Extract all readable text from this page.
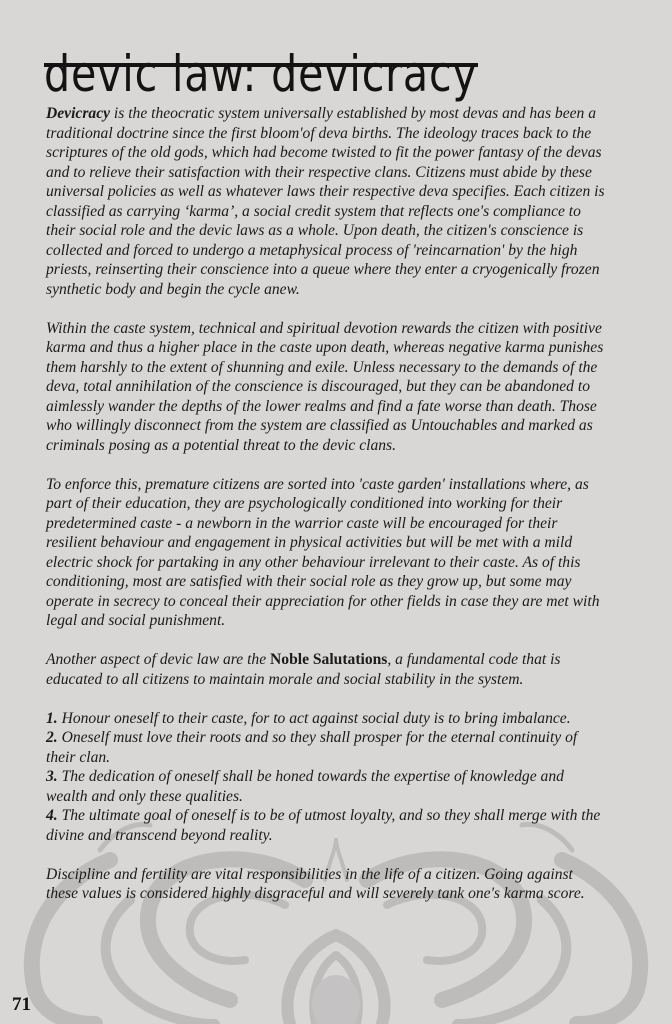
devic law: devicracy
Devicracy is the theocratic system universally established by most devas and has been a
traditional doctrine since the first bloom'of deva births. The ideology traces back to the
scriptures of the old gods, which had become twisted to fit the power fantasy of the devas
and to relieve their satisfaction with their respective clans. Citizens must abide by these
universal policies as well as whatever laws their respective deva specifies. Each citizen is
classified as carrying ‘karma’, a social credit system that reflects one's compliance to
their social role and the devic laws as a whole. Upon death, the citizen's conscience is
collected and forced to undergo a metaphysical process of 'reincarnation' by the high
priests, reinserting their conscience into a queue where they enter a cryogenically frozen
synthetic body and begin the cycle anew.
Within the caste system, technical and spiritual devotion rewards the citizen with positive
karma and thus a higher place in the caste upon death, whereas negative karma punishes
them harshly to the extent of shunning and exile. Unless necessary to the demands of the
deva, total annihilation of the conscience is discouraged, but they can be abandoned to
aimlessly wander the depths of the lower realms and find a fate worse than death. Those
who willingly disconnect from the system are classified as Untouchables and marked as
criminals posing as a potential threat to the devic clans.
To enforce this, premature citizens are sorted into 'caste garden' installations where, as
part of their education, they are psychologically conditioned into working for their
predetermined caste - a newborn in the warrior caste will be encouraged for their
resilient behaviour and engagement in physical activities but will be met with a mild
electric shock for partaking in any other behaviour irrelevant to their caste. As of this
conditioning, most are satisfied with their social role as they grow up, but some may
operate in secrecy to conceal their appreciation for other fields in case they are met with
legal and social punishment.
Another aspect of devic law are the Noble Salutations, a fundamental code that is
educated to all citizens to maintain morale and social stability in the system.
1. Honour oneself to their caste, for to act against social duty is to bring imbalance.
2. Oneself must love their roots and so they shall prosper for the eternal continuity of
their clan.
3. The dedication of oneself shall be honed towards the expertise of knowledge and
wealth and only these qualities.
4. The ultimate goal of oneself is to be of utmost loyalty, and so they shall merge with the
divine and transcend beyond reality.
Discipline and fertility are vital responsibilities in the life of a citizen. Going against
these values is considered highly disgraceful and will severely tank one's karma score.
71
